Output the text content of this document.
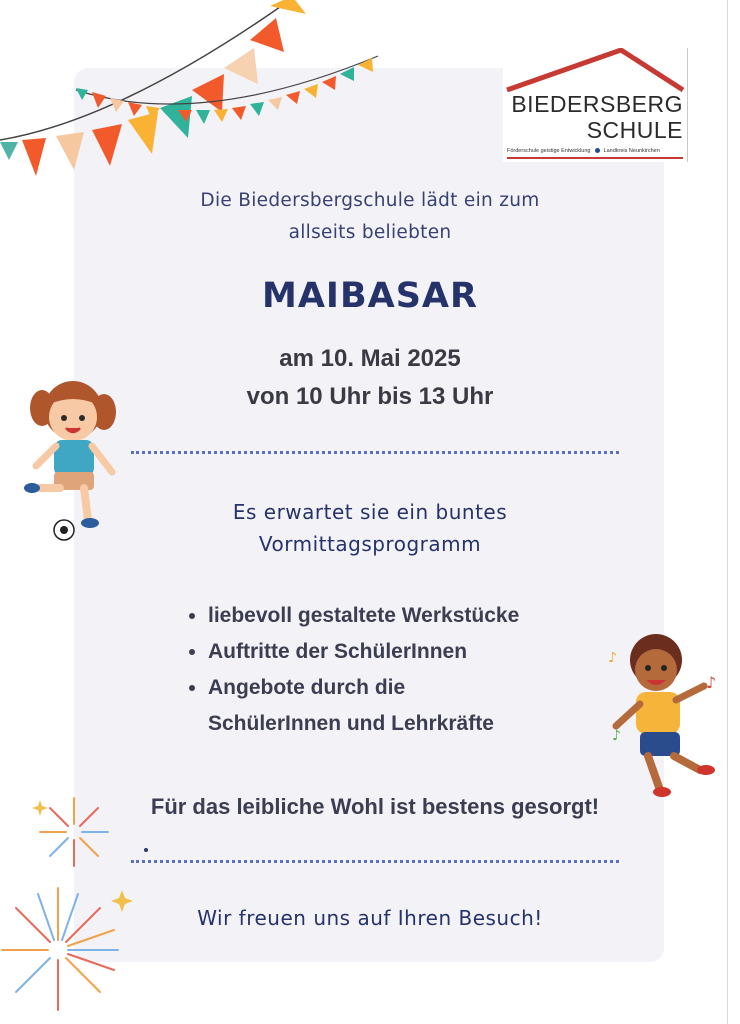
♪
♪
♪
BIEDERSBERG
SCHULE
Förderschule geistige Entwicklung Landkreis Neunkirchen
Die Biedersbergschule lädt ein zum
allseits beliebten
MAIBASAR
am 10. Mai 2025
von 10 Uhr bis 13 Uhr
Es erwartet sie ein buntes
Vormittagsprogramm
• liebevoll gestaltete Werkstücke
• Auftritte der SchülerInnen
• Angebote durch die SchülerInnen und Lehrkräfte
Für das leibliche Wohl ist bestens gesorgt!
Wir freuen uns auf Ihren Besuch!
